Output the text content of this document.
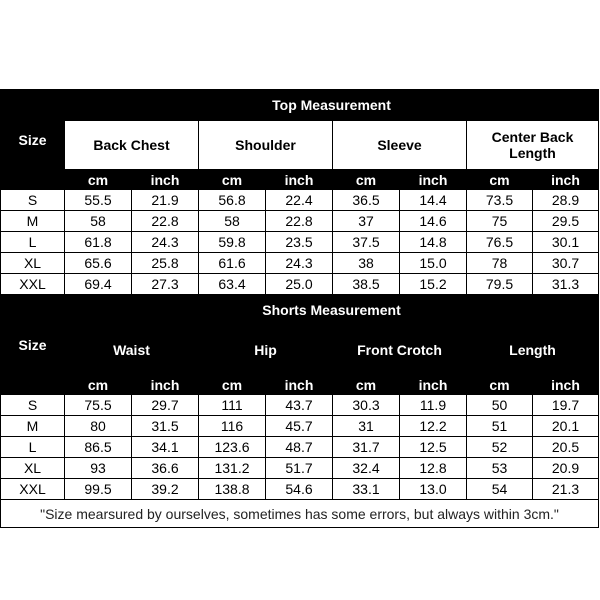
Size	Top Measurement							
	Back Chest		Shoulder		Sleeve		Center Back Length	
	cm	inch	cm	inch	cm	inch	cm	inch
S	55.5	21.9	56.8	22.4	36.5	14.4	73.5	28.9
M	58	22.8	58	22.8	37	14.6	75	29.5
L	61.8	24.3	59.8	23.5	37.5	14.8	76.5	30.1
XL	65.6	25.8	61.6	24.3	38	15.0	78	30.7
XXL	69.4	27.3	63.4	25.0	38.5	15.2	79.5	31.3
Size	Shorts Measurement							
	Waist		Hip		Front Crotch		Length	
	cm	inch	cm	inch	cm	inch	cm	inch
S	75.5	29.7	111	43.7	30.3	11.9	50	19.7
M	80	31.5	116	45.7	31	12.2	51	20.1
L	86.5	34.1	123.6	48.7	31.7	12.5	52	20.5
XL	93	36.6	131.2	51.7	32.4	12.8	53	20.9
XXL	99.5	39.2	138.8	54.6	33.1	13.0	54	21.3
"Size mearsured by ourselves, sometimes has some errors, but always within 3cm."								
